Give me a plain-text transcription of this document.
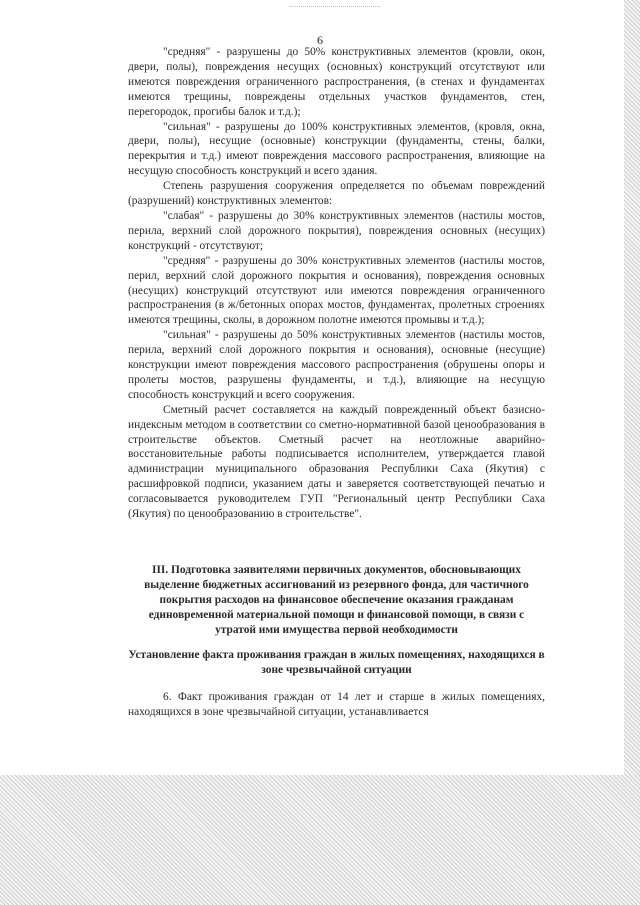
6

"средняя" - разрушены до 50% конструктивных элементов (кровли, окон, двери, полы), повреждения несущих (основных) конструкций отсутствуют или имеются повреждения ограниченного распространения, (в стенах и фундаментах имеются трещины, повреждены отдельных участков фундаментов, стен, перегородок, прогибы балок и т.д.);

"сильная" - разрушены до 100% конструктивных элементов, (кровля, окна, двери, полы), несущие (основные) конструкции (фундаменты, стены, балки, перекрытия и т.д.) имеют повреждения массового распространения, влияющие на несущую способность конструкций и всего здания.

Степень разрушения сооружения определяется по объемам повреждений (разрушений) конструктивных элементов:

"слабая" - разрушены до 30% конструктивных элементов (настилы мостов, перила, верхний слой дорожного покрытия), повреждения основных (несущих) конструкций - отсутствуют;

"средняя" - разрушены до 30% конструктивных элементов (настилы мостов, перил, верхний слой дорожного покрытия и основания), повреждения основных (несущих) конструкций отсутствуют или имеются повреждения ограниченного распространения (в ж/бетонных опорах мостов, фундаментах, пролетных строениях имеются трещины, сколы, в дорожном полотне имеются промывы и т.д.);

"сильная" - разрушены до 50% конструктивных элементов (настилы мостов, перила, верхний слой дорожного покрытия и основания), основные (несущие) конструкции имеют повреждения массового распространения (обрушены опоры и пролеты мостов, разрушены фундаменты, и т.д.), влияющие на несущую способность конструкций и всего сооружения.

Сметный расчет составляется на каждый поврежденный объект базисно-индексным методом в соответствии со сметно-нормативной базой ценообразования в строительстве объектов. Сметный расчет на неотложные аварийно-восстановительные работы подписывается исполнителем, утверждается главой администрации муниципального образования Республики Саха (Якутия) с расшифровкой подписи, указанием даты и заверяется соответствующей печатью и согласовывается руководителем ГУП "Региональный центр Республики Саха (Якутия) по ценообразованию в строительстве".

III. Подготовка заявителями первичных документов, обосновывающих выделение бюджетных ассигнований из резервного фонда, для частичного покрытия расходов на финансовое обеспечение оказания гражданам единовременной материальной помощи и финансовой помощи, в связи с утратой ими имущества первой необходимости
Установление факта проживания граждан в жилых помещениях, находящихся в зоне чрезвычайной ситуации

6. Факт проживания граждан от 14 лет и старше в жилых помещениях, находящихся в зоне чрезвычайной ситуации, устанавливается
